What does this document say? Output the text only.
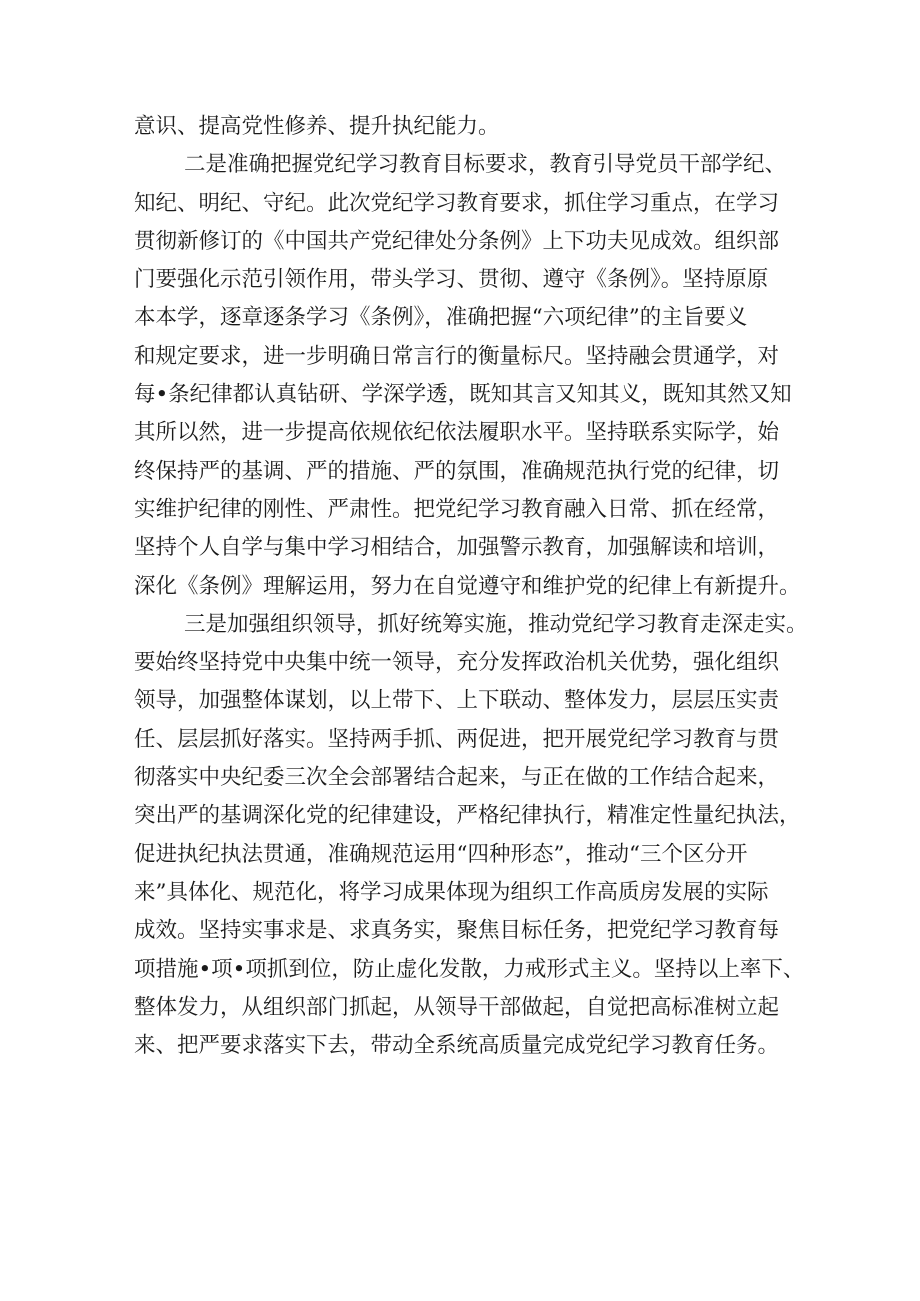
意识、提高党性修养、提升执纪能力。
二是准确把握党纪学习教育目标要求，教育引导党员干部学纪、
知纪、明纪、守纪。此次党纪学习教育要求，抓住学习重点，在学习
贯彻新修订的《中国共产党纪律处分条例》上下功夫见成效。组织部
门要强化示范引领作用，带头学习、贯彻、遵守《条例》。坚持原原
本本学，逐章逐条学习《条例》，准确把握“六项纪律”的主旨要义
和规定要求，进一步明确日常言行的衡量标尺。坚持融会贯通学，对
每•条纪律都认真钻研、学深学透，既知其言又知其义，既知其然又知
其所以然，进一步提高依规依纪依法履职水平。坚持联系实际学，始
终保持严的基调、严的措施、严的氛围，准确规范执行党的纪律，切
实维护纪律的刚性、严肃性。把党纪学习教育融入日常、抓在经常，
坚持个人自学与集中学习相结合，加强警示教育，加强解读和培训，
深化《条例》理解运用，努力在自觉遵守和维护党的纪律上有新提升。
三是加强组织领导，抓好统筹实施，推动党纪学习教育走深走实。
要始终坚持党中央集中统一领导，充分发挥政治机关优势，强化组织
领导，加强整体谋划，以上带下、上下联动、整体发力，层层压实责
任、层层抓好落实。坚持两手抓、两促进，把开展党纪学习教育与贯
彻落实中央纪委三次全会部署结合起来，与正在做的工作结合起来，
突出严的基调深化党的纪律建设，严格纪律执行，精准定性量纪执法，
促进执纪执法贯通，准确规范运用“四种形态”，推动“三个区分开
来”具体化、规范化，将学习成果体现为组织工作高质房发展的实际
成效。坚持实事求是、求真务实，聚焦目标任务，把党纪学习教育每
项措施•项•项抓到位，防止虚化发散，力戒形式主义。坚持以上率下、
整体发力，从组织部门抓起，从领导干部做起，自觉把高标准树立起
来、把严要求落实下去，带动全系统高质量完成党纪学习教育任务。
